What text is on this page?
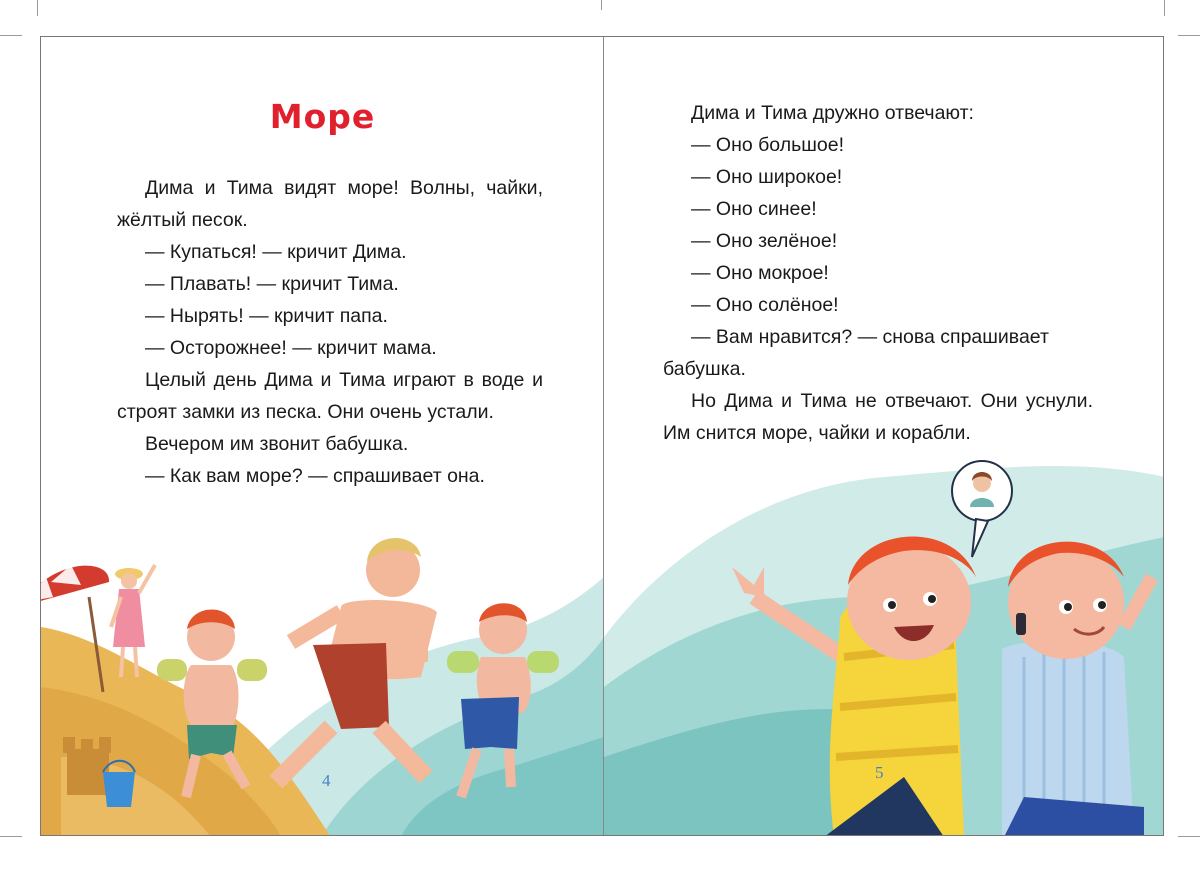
Море

Дима и Тима видят море! Волны, чайки, жёлтый песок.

— Купаться! — кричит Дима.

— Плавать! — кричит Тима.

— Нырять! — кричит папа.

— Осторожнее! — кричит мама.

Целый день Дима и Тима играют в воде и строят замки из песка. Они очень устали.

Вечером им звонит бабушка.

— Как вам море? — спрашивает она.

4

Дима и Тима дружно отвечают:

— Оно большое!

— Оно широкое!

— Оно синее!

— Оно зелёное!

— Оно мокрое!

— Оно солёное!

— Вам нравится? — снова спрашивает бабушка.

Но Дима и Тима не отвечают. Они уснули. Им снится море, чайки и корабли.

5
